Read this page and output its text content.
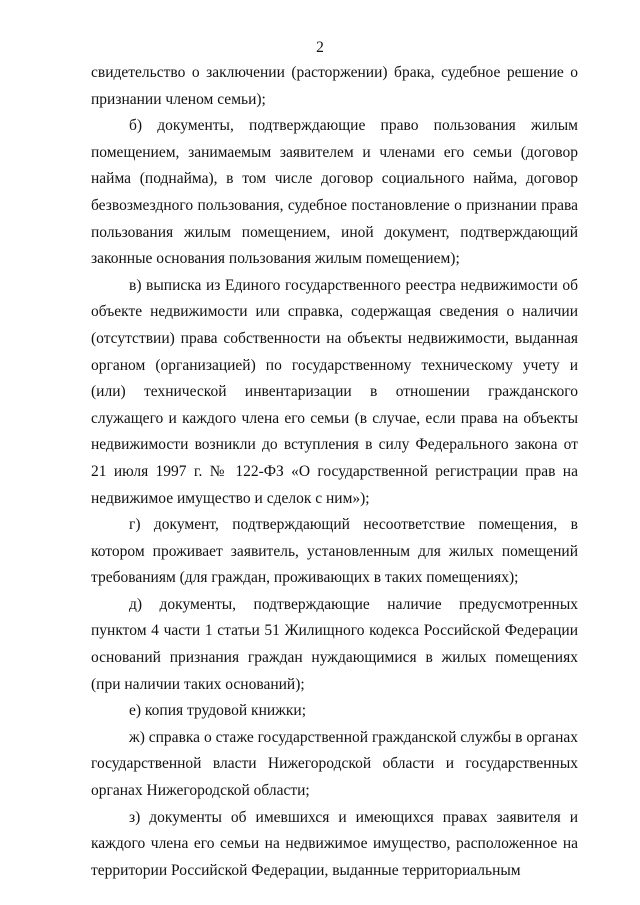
2

свидетельство о заключении (расторжении) брака, судебное решение о признании членом семьи);

б) документы, подтверждающие право пользования жилым помещением, занимаемым заявителем и членами его семьи (договор найма (поднайма), в том числе договор социального найма, договор безвозмездного пользования, судебное постановление о признании права пользования жилым помещением, иной документ, подтверждающий законные основания пользования жилым помещением);

в) выписка из Единого государственного реестра недвижимости об объекте недвижимости или справка, содержащая сведения о наличии (отсутствии) права собственности на объекты недвижимости, выданная органом (организацией) по государственному техническому учету и (или) технической инвентаризации в отношении гражданского служащего и каждого члена его семьи (в случае, если права на объекты недвижимости возникли до вступления в силу Федерального закона от 21 июля 1997 г. № 122-ФЗ «О государственной регистрации прав на недвижимое имущество и сделок с ним»);

г) документ, подтверждающий несоответствие помещения, в котором проживает заявитель, установленным для жилых помещений требованиям (для граждан, проживающих в таких помещениях);

д) документы, подтверждающие наличие предусмотренных пунктом 4 части 1 статьи 51 Жилищного кодекса Российской Федерации оснований признания граждан нуждающимися в жилых помещениях (при наличии таких оснований);

е) копия трудовой книжки;

ж) справка о стаже государственной гражданской службы в органах государственной власти Нижегородской области и государственных органах Нижегородской области;

з) документы об имевшихся и имеющихся правах заявителя и каждого члена его семьи на недвижимое имущество, расположенное на территории Российской Федерации, выданные территориальным
